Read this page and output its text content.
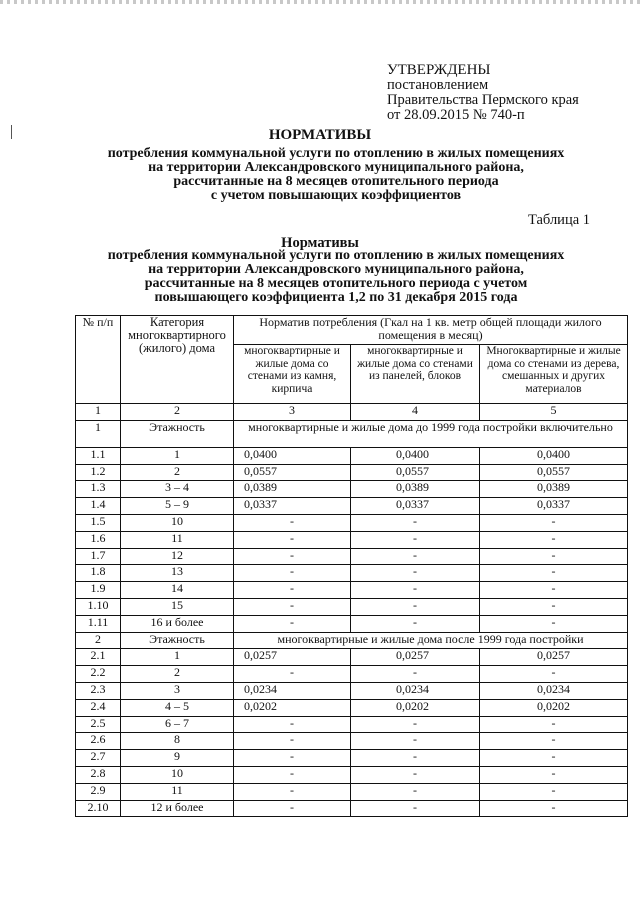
УТВЕРЖДЕНЫ
постановлением
Правительства Пермского края
от 28.09.2015 № 740-п
НОРМАТИВЫ
потребления коммунальной услуги по отоплению в жилых помещениях
на территории Александровского муниципального района,
рассчитанные на 8 месяцев отопительного периода
с учетом повышающих коэффициентов
Таблица 1
Нормативы
потребления коммунальной услуги по отоплению в жилых помещениях
на территории Александровского муниципального района,
рассчитанные на 8 месяцев отопительного периода с учетом
повышающего коэффициента 1,2 по 31 декабря 2015 года
№ п/п	Категория многоквартирного (жилого) дома	Норматив потребления (Гкал на 1 кв. метр общей площади жилого помещения в месяц)		
		многоквартирные и жилые дома со стенами из камня, кирпича	многоквартирные и жилые дома со стенами из панелей, блоков	Многоквартирные и жилые дома со стенами из дерева, смешанных и других материалов
1	2	3	4	5
1	Этажность	многоквартирные и жилые дома до 1999 года постройки включительно		
1.1	1	0,0400	0,0400	0,0400
1.2	2	0,0557	0,0557	0,0557
1.3	3 – 4	0,0389	0,0389	0,0389
1.4	5 – 9	0,0337	0,0337	0,0337
1.5	10	-	-	-
1.6	11	-	-	-
1.7	12	-	-	-
1.8	13	-	-	-
1.9	14	-	-	-
1.10	15	-	-	-
1.11	16 и более	-	-	-
2	Этажность	многоквартирные и жилые дома после 1999 года постройки		
2.1	1	0,0257	0,0257	0,0257
2.2	2	-	-	-
2.3	3	0,0234	0,0234	0,0234
2.4	4 – 5	0,0202	0,0202	0,0202
2.5	6 – 7	-	-	-
2.6	8	-	-	-
2.7	9	-	-	-
2.8	10	-	-	-
2.9	11	-	-	-
2.10	12 и более	-	-	-
